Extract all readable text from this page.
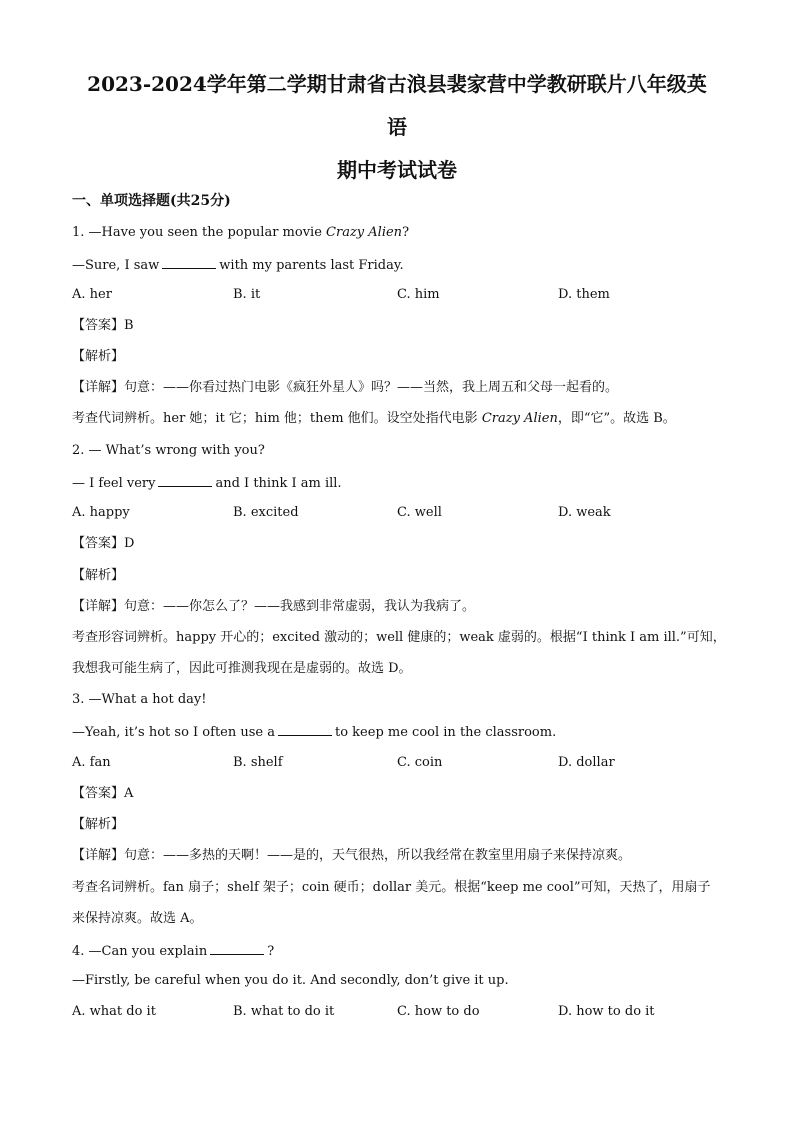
2023-2024学年第二学期甘肃省古浪县裴家营中学教研联片八年级英
语
期中考试试卷
一、单项选择题(共25分)
1. —Have you seen the popular movie Crazy Alien?
—Sure, I saw	with my parents last Friday.
A. her	B. it	C. him	D. them
【答案】B
【解析】
【详解】句意：——你看过热门电影《疯狂外星人》吗？——当然，我上周五和父母一起看的。
考查代词辨析。her 她；it 它；him 他；them 他们。设空处指代电影 Crazy Alien，即“它”。故选 B。
2. — What’s wrong with you?
— I feel very	and I think I am ill.
A. happy	B. excited	C. well	D. weak
【答案】D
【解析】
【详解】句意：——你怎么了？——我感到非常虚弱，我认为我病了。
考查形容词辨析。happy 开心的；excited 激动的；well 健康的；weak 虚弱的。根据“I think I am ill.”可知，
我想我可能生病了，因此可推测我现在是虚弱的。故选 D。
3. —What a hot day!
—Yeah, it’s hot so I often use a	to keep me cool in the classroom.
A. fan	B. shelf	C. coin	D. dollar
【答案】A
【解析】
【详解】句意：——多热的天啊！——是的，天气很热，所以我经常在教室里用扇子来保持凉爽。
考查名词辨析。fan 扇子；shelf 架子；coin 硬币；dollar 美元。根据“keep me cool”可知，天热了，用扇子
来保持凉爽。故选 A。
4. —Can you explain	?
—Firstly, be careful when you do it. And secondly, don’t give it up.
A. what do it	B. what to do it	C. how to do	D. how to do it
